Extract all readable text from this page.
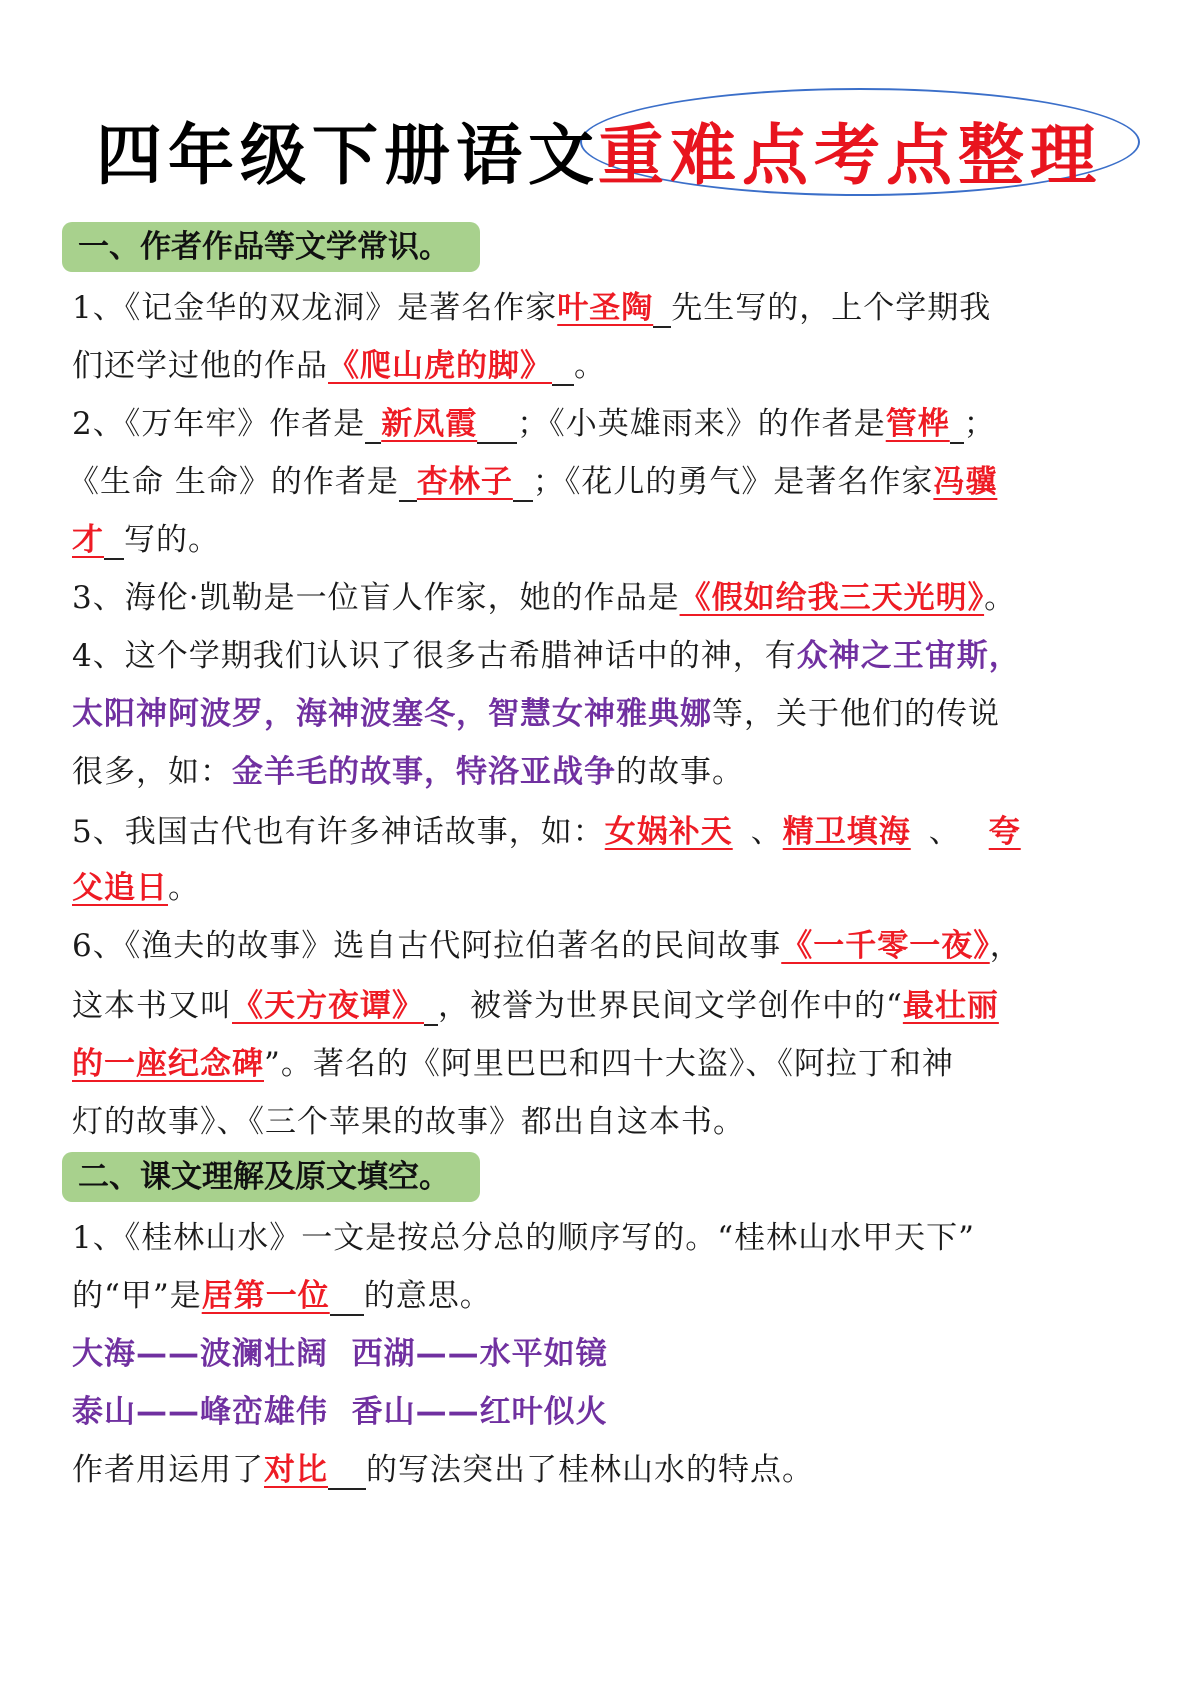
四年级下册语文
重难点考点整理
一、作者作品等文学常识。
1、《记金华的双龙洞》是著名作家叶圣陶 先生写的，上个学期我
们还学过他的作品《爬山虎的脚》 。
2、《万年牢》作者是 新凤霞 ；《小英雄雨来》的作者是管桦 ；
《生命 生命》的作者是 杏林子 ；《花儿的勇气》是著名作家冯骥
才 写的。
3、海伦·凯勒是一位盲人作家，她的作品是《假如给我三天光明》。
4、这个学期我们认识了很多古希腊神话中的神，有众神之王宙斯，
太阳神阿波罗，海神波塞冬，智慧女神雅典娜等，关于他们的传说
很多，如：金羊毛的故事，特洛亚战争的故事。
5、我国古代也有许多神话故事，如：女娲补天 、精卫填海 、 夸
父追日。
6、《渔夫的故事》选自古代阿拉伯著名的民间故事《一千零一夜》，
这本书又叫《天方夜谭》 ，被誉为世界民间文学创作中的“最壮丽
的一座纪念碑”。著名的《阿里巴巴和四十大盗》、《阿拉丁和神
灯的故事》、《三个苹果的故事》都出自这本书。
二、课文理解及原文填空。
1、《桂林山水》一文是按总分总的顺序写的。“桂林山水甲天下”
的“甲”是居第一位 的意思。
大海——波澜壮阔  西湖——水平如镜
泰山——峰峦雄伟  香山——红叶似火
作者用运用了对比 的写法突出了桂林山水的特点。
